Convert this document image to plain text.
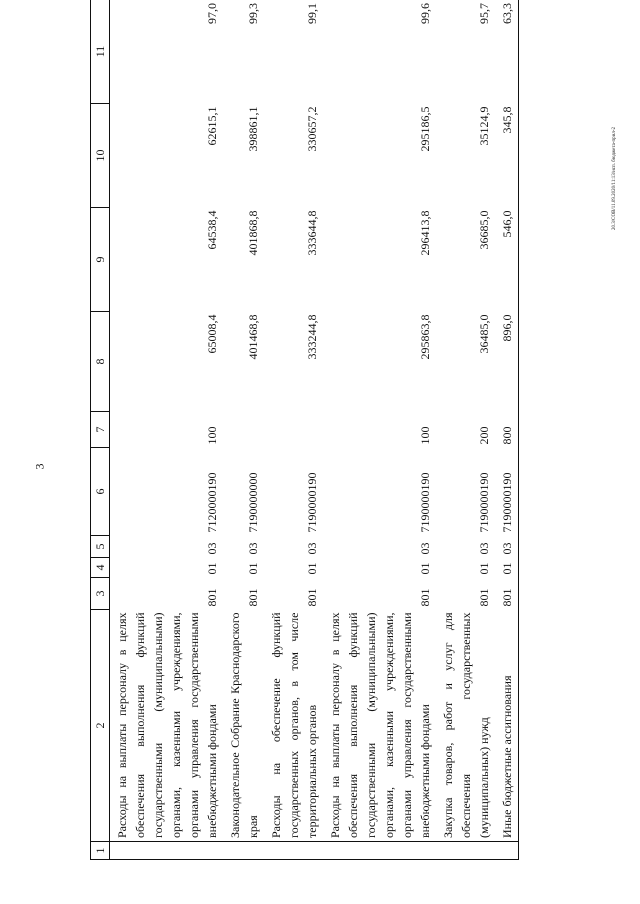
3
20.3/СОВ/11.09.2020/11:13/исп. бюджета-прил-2
1	2	3	4	5	6	7	8	9	10	11
	Расходы на выплаты персоналу в целях обеспечения выполнения функций государственными (муниципальными) органами, казенными учреждениями, органами управления государственными внебюджетными фондами	801	01	03	7120000190	100	65008,4	64538,4	62615,1	97,0
	Законодательное Собрание Краснодарского края	801	01	03	7190000000		401468,8	401868,8	398861,1	99,3
	Расходы на обеспечение функций государственных органов, в том числе территориальных органов	801	01	03	7190000190		333244,8	333644,8	330657,2	99,1
	Расходы на выплаты персоналу в целях обеспечения выполнения функций государственными (муниципальными) органами, казенными учреждениями, органами управления государственными внебюджетными фондами	801	01	03	7190000190	100	295863,8	296413,8	295186,5	99,6
	Закупка товаров, работ и услуг для обеспечения государственных (муниципальных) нужд	801	01	03	7190000190	200	36485,0	36685,0	35124,9	95,7
	Иные бюджетные ассигнования	801	01	03	7190000190	800	896,0	546,0	345,8	63,3
